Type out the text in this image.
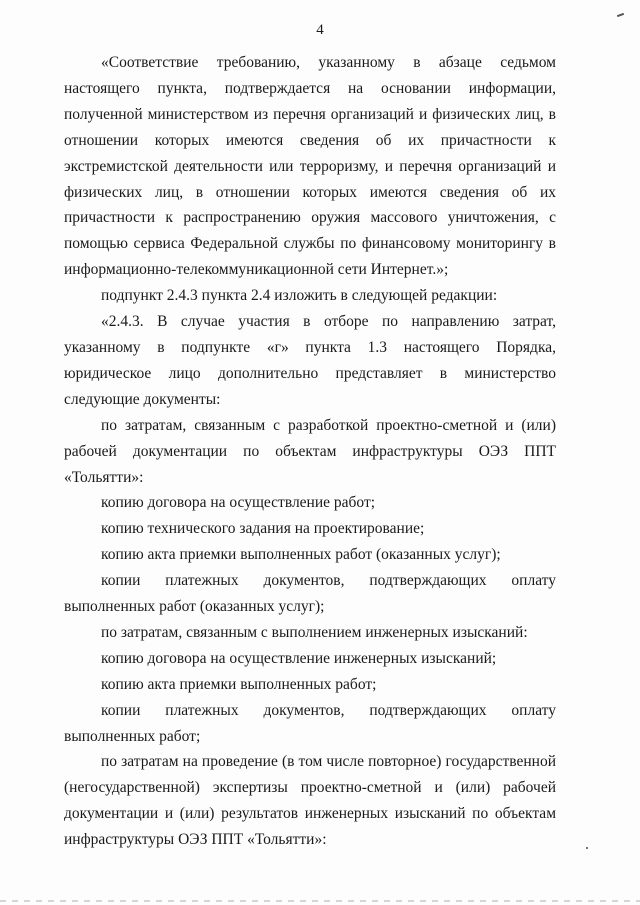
4

«Соответствие требованию, указанному в абзаце седьмом настоящего пункта, подтверждается на основании информации, полученной министерством из перечня организаций и физических лиц, в отношении которых имеются сведения об их причастности к экстремистской деятельности или терроризму, и перечня организаций и физических лиц, в отношении которых имеются сведения об их причастности к распространению оружия массового уничтожения, с помощью сервиса Федеральной службы по финансовому мониторингу в информационно-телекоммуникационной сети Интернет.»;

подпункт 2.4.3 пункта 2.4 изложить в следующей редакции:

«2.4.3. В случае участия в отборе по направлению затрат, указанному в подпункте «г» пункта 1.3 настоящего Порядка, юридическое лицо дополнительно представляет в министерство следующие документы:

по затратам, связанным с разработкой проектно-сметной и (или) рабочей документации по объектам инфраструктуры ОЭЗ ППТ «Тольятти»:

копию договора на осуществление работ;

копию технического задания на проектирование;

копию акта приемки выполненных работ (оказанных услуг);

копии платежных документов, подтверждающих оплату выполненных работ (оказанных услуг);

по затратам, связанным с выполнением инженерных изысканий:

копию договора на осуществление инженерных изысканий;

копию акта приемки выполненных работ;

копии платежных документов, подтверждающих оплату выполненных работ;

по затратам на проведение (в том числе повторное) государственной (негосударственной) экспертизы проектно-сметной и (или) рабочей документации и (или) результатов инженерных изысканий по объектам инфраструктуры ОЭЗ ППТ «Тольятти»:
